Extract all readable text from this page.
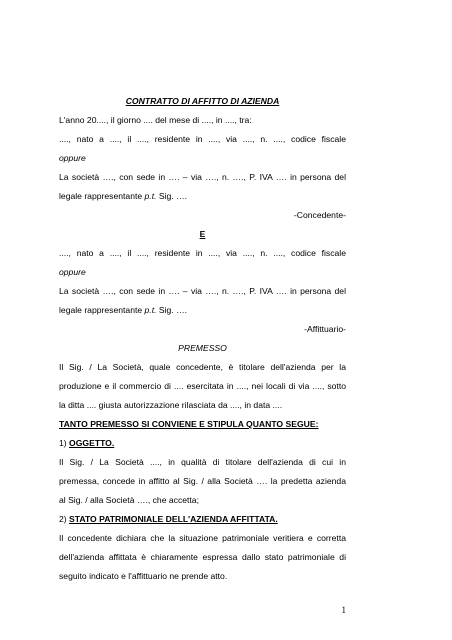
CONTRATTO DI AFFITTO DI AZIENDA
L'anno 20...., il giorno .... del mese di ...., in ...., tra:
...., nato a ...., il ...., residente in ...., via ...., n. ...., codice fiscale
oppure
La società …., con sede in …. – via …., n. …., P. IVA …. in persona del
legale rappresentante p.t. Sig. ….
-Concedente-
E
...., nato a ...., il ...., residente in ...., via ...., n. ...., codice fiscale
oppure
La società …., con sede in …. – via …., n. …., P. IVA …. in persona del
legale rappresentante p.t. Sig. ….
-Affittuario-
PREMESSO
Il Sig. / La Società, quale concedente, è titolare dell'azienda per la
produzione e il commercio di .... esercitata in ...., nei locali di via ...., sotto
la ditta .... giusta autorizzazione rilasciata da ...., in data ....
TANTO PREMESSO SI CONVIENE E STIPULA QUANTO SEGUE:
1) OGGETTO.
Il Sig. / La Società ...., in qualità di titolare dell'azienda di cui in
premessa, concede in affitto al Sig. / alla Società …. la predetta azienda
al Sig. / alla Società …., che accetta;
2) STATO PATRIMONIALE DELL'AZIENDA AFFITTATA.
Il concedente dichiara che la situazione patrimoniale veritiera e corretta
dell'azienda affittata è chiaramente espressa dallo stato patrimoniale di
seguito indicato e l'affittuario ne prende atto.
1
